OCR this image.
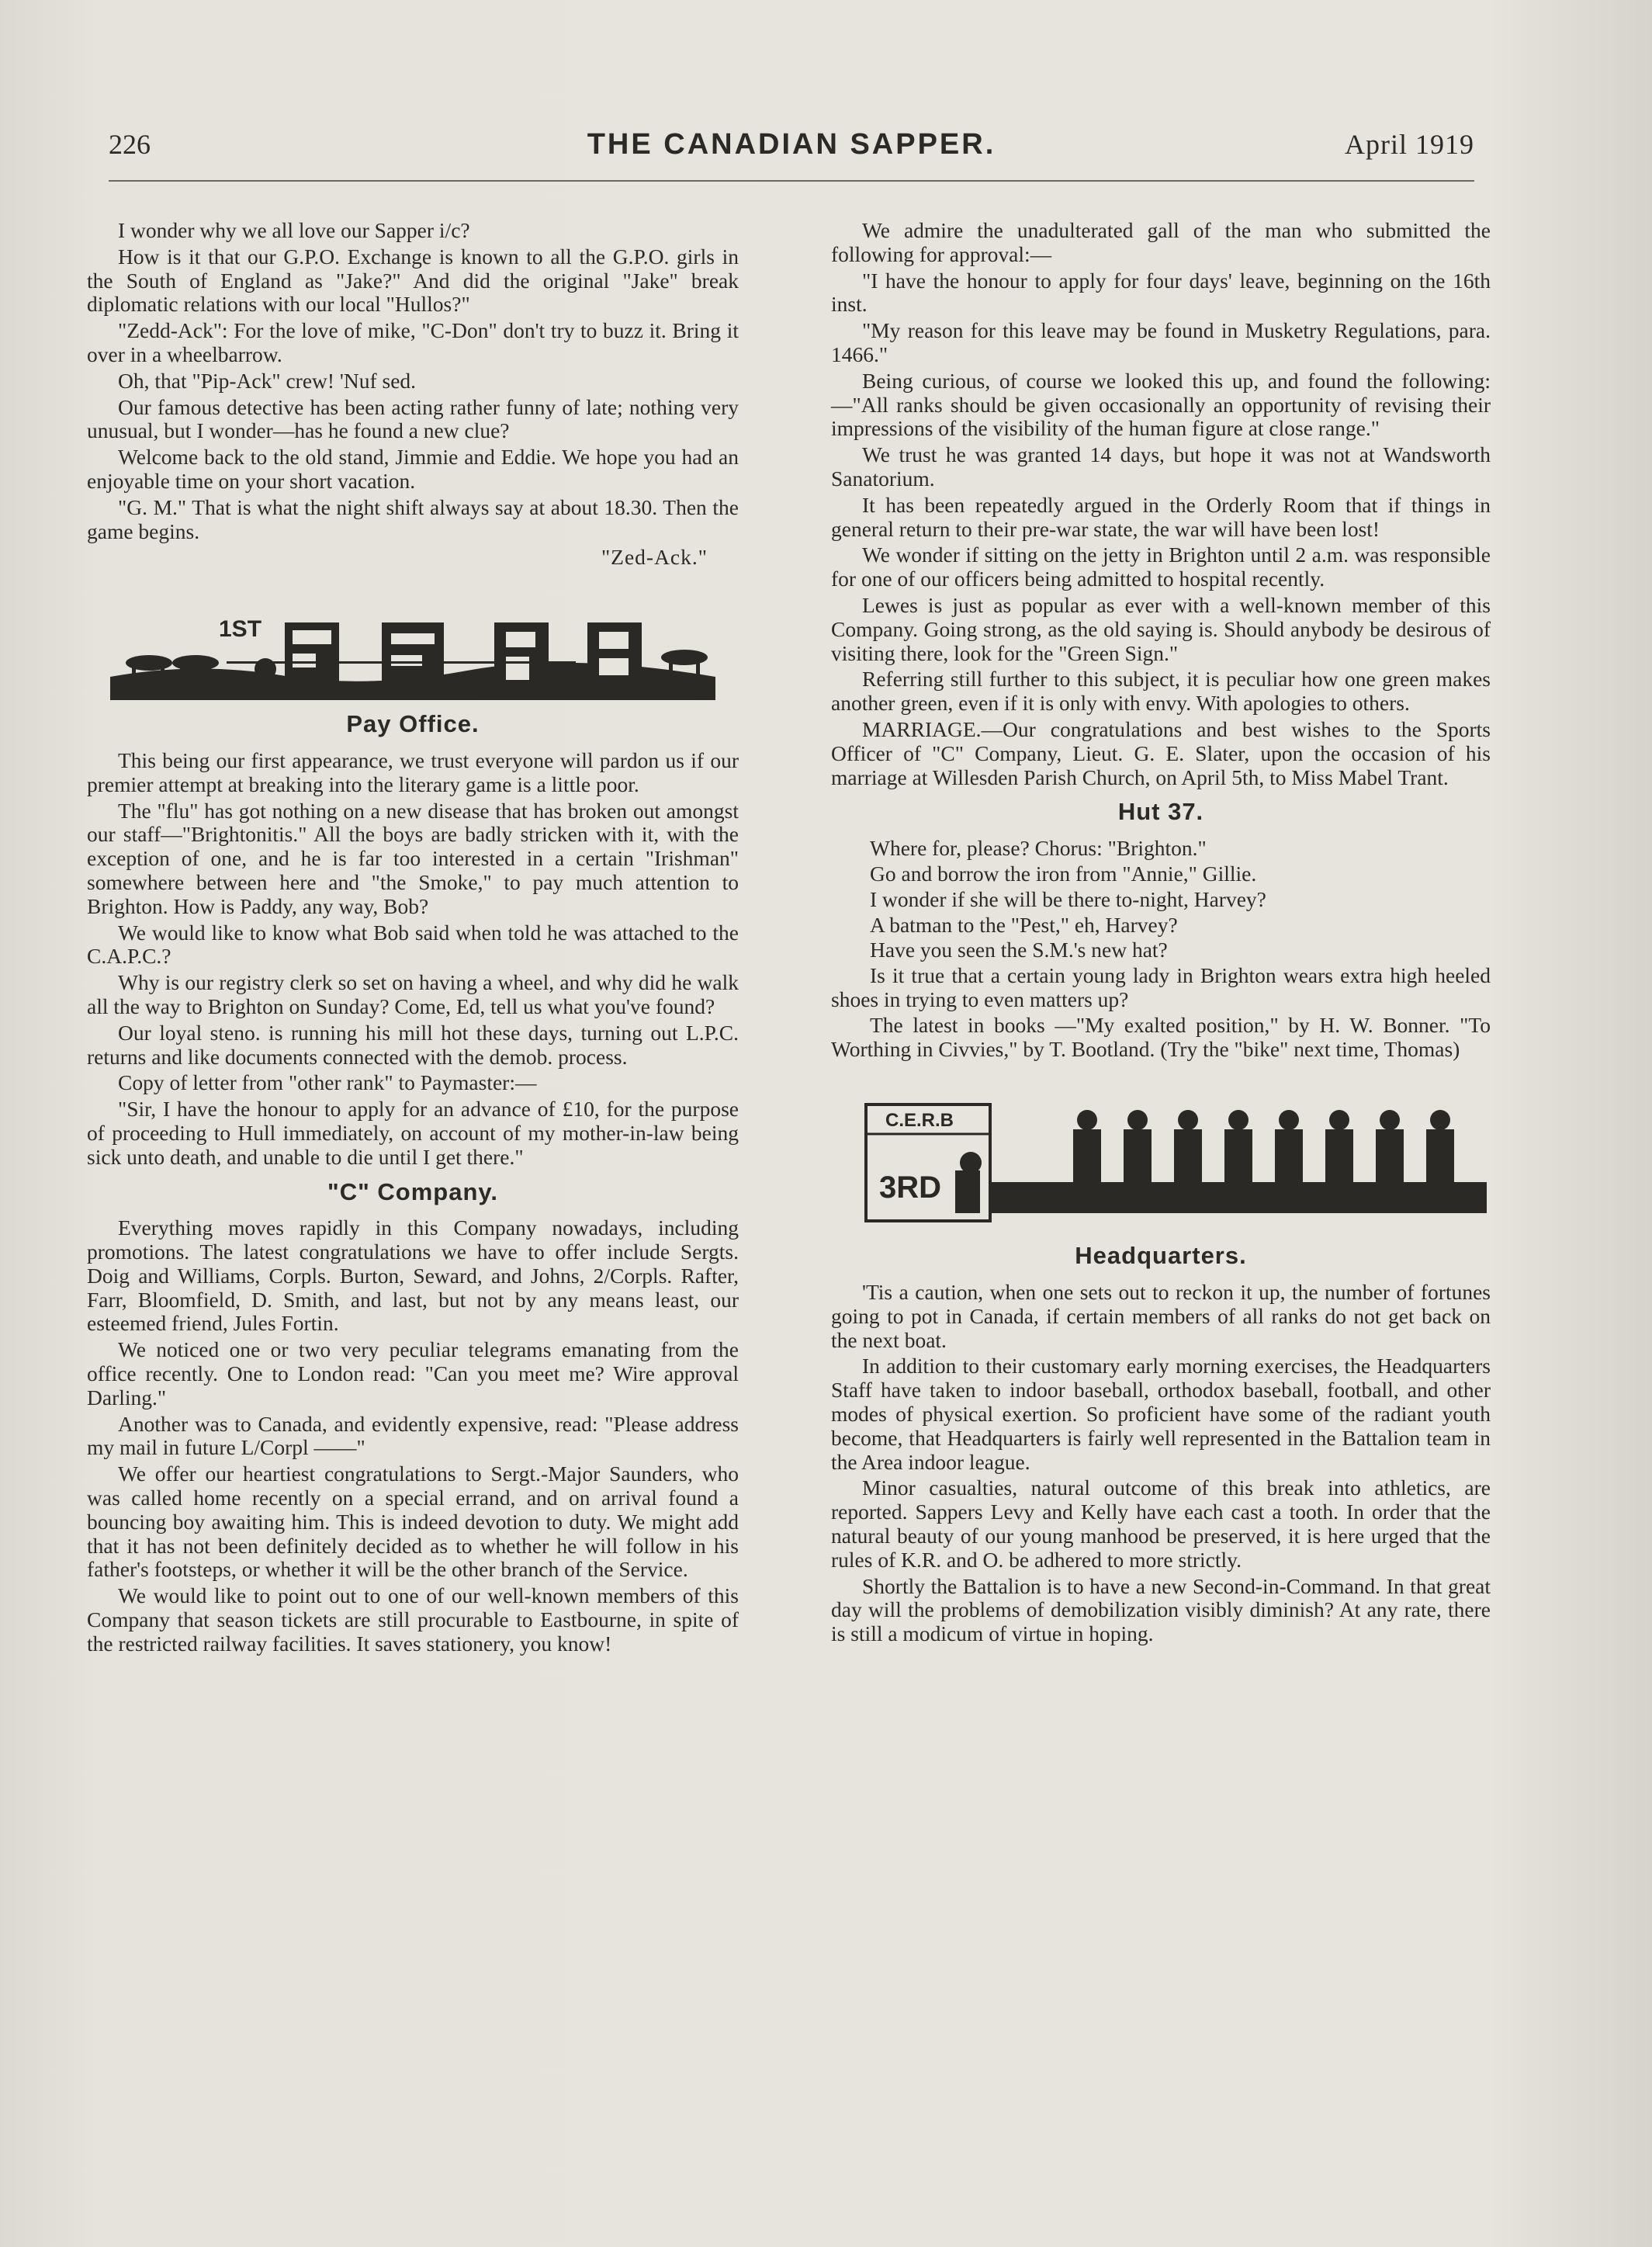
226	THE CANADIAN SAPPER.	April 1919

I wonder why we all love our Sapper i/c?

How is it that our G.P.O. Exchange is known to all the G.P.O. girls in the South of England as "Jake?" And did the original "Jake" break diplomatic relations with our local "Hullos?"

"Zedd-Ack": For the love of mike, "C-Don" don't try to buzz it. Bring it over in a wheelbarrow.

Oh, that "Pip-Ack" crew! 'Nuf sed.

Our famous detective has been acting rather funny of late; nothing very unusual, but I wonder—has he found a new clue?

Welcome back to the old stand, Jimmie and Eddie. We hope you had an enjoyable time on your short vacation.

"G. M." That is what the night shift always say at about 18.30. Then the game begins.

"Zed-Ack."
1ST
Pay Office.

This being our first appearance, we trust everyone will pardon us if our premier attempt at breaking into the literary game is a little poor.

The "flu" has got nothing on a new disease that has broken out amongst our staff—"Brightonitis." All the boys are badly stricken with it, with the exception of one, and he is far too interested in a certain "Irishman" somewhere between here and "the Smoke," to pay much attention to Brighton. How is Paddy, any way, Bob?

We would like to know what Bob said when told he was attached to the C.A.P.C.?

Why is our registry clerk so set on having a wheel, and why did he walk all the way to Brighton on Sunday? Come, Ed, tell us what you've found?

Our loyal steno. is running his mill hot these days, turning out L.P.C. returns and like documents connected with the demob. process.

Copy of letter from "other rank" to Paymaster:—

"Sir, I have the honour to apply for an advance of £10, for the purpose of proceeding to Hull immediately, on account of my mother-in-law being sick unto death, and unable to die until I get there."

"C" Company.

Everything moves rapidly in this Company nowadays, including promotions. The latest congratulations we have to offer include Sergts. Doig and Williams, Corpls. Burton, Seward, and Johns, 2/Corpls. Rafter, Farr, Bloomfield, D. Smith, and last, but not by any means least, our esteemed friend, Jules Fortin.

We noticed one or two very peculiar telegrams emanating from the office recently. One to London read: "Can you meet me? Wire approval Darling."

Another was to Canada, and evidently expensive, read: "Please address my mail in future L/Corpl ——"

We offer our heartiest congratulations to Sergt.-Major Saunders, who was called home recently on a special errand, and on arrival found a bouncing boy awaiting him. This is indeed devotion to duty. We might add that it has not been definitely decided as to whether he will follow in his father's footsteps, or whether it will be the other branch of the Service.

We would like to point out to one of our well-known members of this Company that season tickets are still procurable to Eastbourne, in spite of the restricted railway facilities. It saves stationery, you know!

We admire the unadulterated gall of the man who submitted the following for approval:—

"I have the honour to apply for four days' leave, beginning on the 16th inst.

"My reason for this leave may be found in Musketry Regulations, para. 1466."

Being curious, of course we looked this up, and found the following:—"All ranks should be given occasionally an opportunity of revising their impressions of the visibility of the human figure at close range."

We trust he was granted 14 days, but hope it was not at Wandsworth Sanatorium.

It has been repeatedly argued in the Orderly Room that if things in general return to their pre-war state, the war will have been lost!

We wonder if sitting on the jetty in Brighton until 2 a.m. was responsible for one of our officers being admitted to hospital recently.

Lewes is just as popular as ever with a well-known member of this Company. Going strong, as the old saying is. Should anybody be desirous of visiting there, look for the "Green Sign."

Referring still further to this subject, it is peculiar how one green makes another green, even if it is only with envy. With apologies to others.

MARRIAGE.—Our congratulations and best wishes to the Sports Officer of "C" Company, Lieut. G. E. Slater, upon the occasion of his marriage at Willesden Parish Church, on April 5th, to Miss Mabel Trant.

Hut 37.

Where for, please? Chorus: "Brighton."

Go and borrow the iron from "Annie," Gillie.

I wonder if she will be there to-night, Harvey?

A batman to the "Pest," eh, Harvey?

Have you seen the S.M.'s new hat?

Is it true that a certain young lady in Brighton wears extra high heeled shoes in trying to even matters up?

The latest in books —"My exalted position," by H. W. Bonner. "To Worthing in Civvies," by T. Bootland. (Try the "bike" next time, Thomas)

C.E.R.B
3RD
Headquarters.

'Tis a caution, when one sets out to reckon it up, the number of fortunes going to pot in Canada, if certain members of all ranks do not get back on the next boat.

In addition to their customary early morning exercises, the Headquarters Staff have taken to indoor baseball, orthodox baseball, football, and other modes of physical exertion. So proficient have some of the radiant youth become, that Headquarters is fairly well represented in the Battalion team in the Area indoor league.

Minor casualties, natural outcome of this break into athletics, are reported. Sappers Levy and Kelly have each cast a tooth. In order that the natural beauty of our young manhood be preserved, it is here urged that the rules of K.R. and O. be adhered to more strictly.

Shortly the Battalion is to have a new Second-in-Command. In that great day will the problems of demobilization visibly diminish? At any rate, there is still a modicum of virtue in hoping.
